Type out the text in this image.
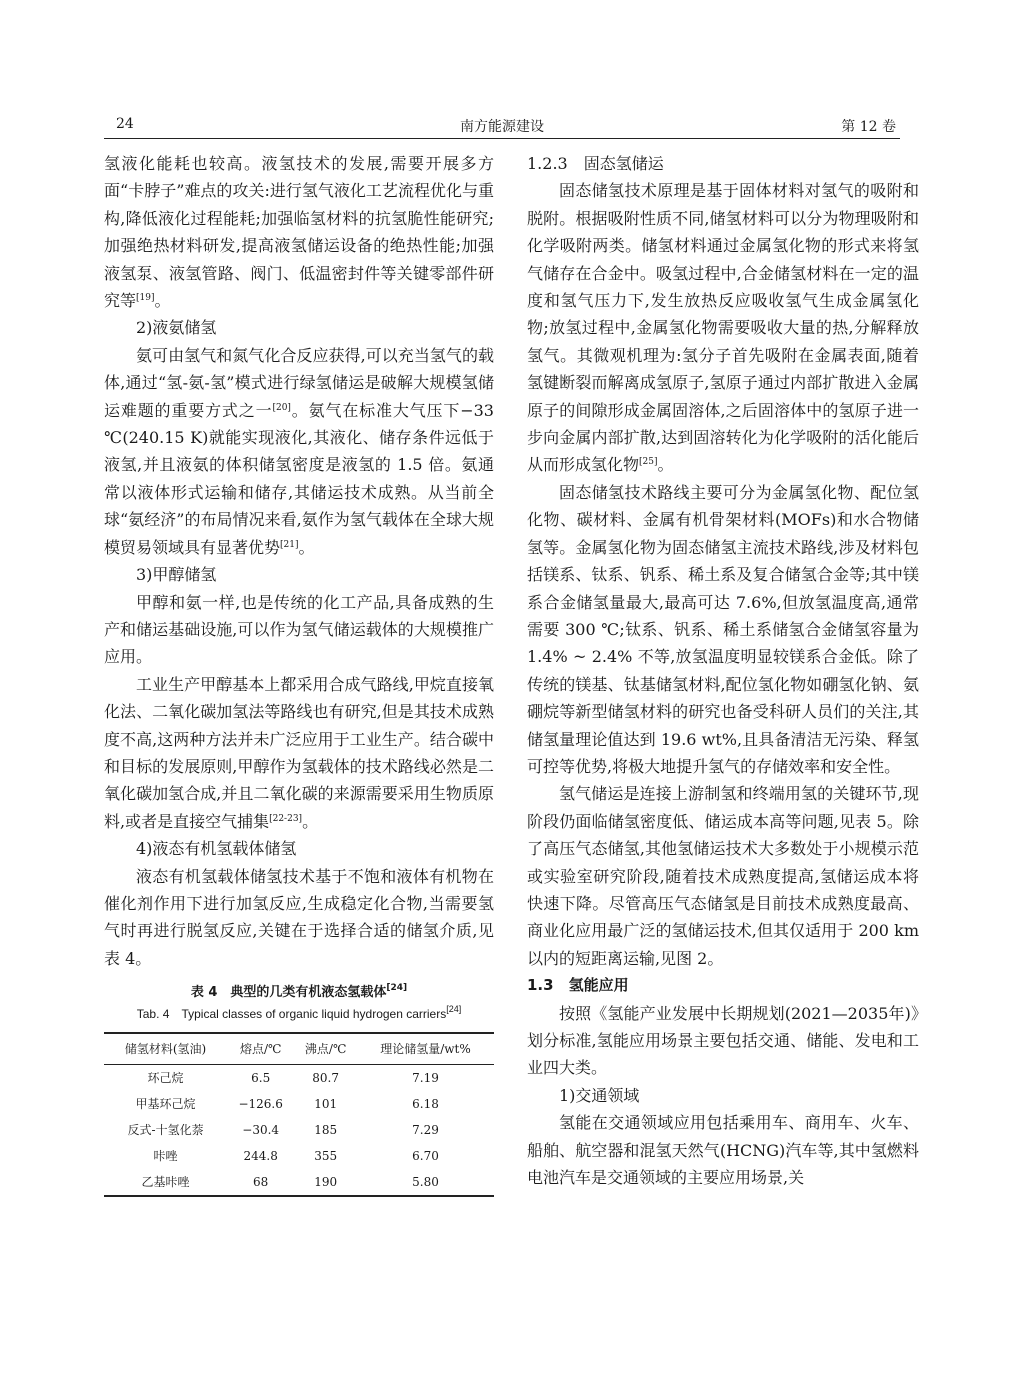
24	南方能源建设	第 12 卷

氢液化能耗也较高。液氢技术的发展,需要开展多方面“卡脖子”难点的攻关:进行氢气液化工艺流程优化与重构,降低液化过程能耗;加强临氢材料的抗氢脆性能研究;加强绝热材料研发,提高液氢储运设备的绝热性能;加强液氢泵、液氢管路、阀门、低温密封件等关键零部件研究等[19]。

2)液氨储氢

氨可由氢气和氮气化合反应获得,可以充当氢气的载体,通过“氢-氨-氢”模式进行绿氢储运是破解大规模氢储运难题的重要方式之一[20]。氨气在标准大气压下−33 ℃(240.15 K)就能实现液化,其液化、储存条件远低于液氢,并且液氨的体积储氢密度是液氢的 1.5 倍。氨通常以液体形式运输和储存,其储运技术成熟。从当前全球“氨经济”的布局情况来看,氨作为氢气载体在全球大规模贸易领域具有显著优势[21]。

3)甲醇储氢

甲醇和氨一样,也是传统的化工产品,具备成熟的生产和储运基础设施,可以作为氢气储运载体的大规模推广应用。

工业生产甲醇基本上都采用合成气路线,甲烷直接氧化法、二氧化碳加氢法等路线也有研究,但是其技术成熟度不高,这两种方法并未广泛应用于工业生产。结合碳中和目标的发展原则,甲醇作为氢载体的技术路线必然是二氧化碳加氢合成,并且二氧化碳的来源需要采用生物质原料,或者是直接空气捕集[22-23]。

4)液态有机氢载体储氢

液态有机氢载体储氢技术基于不饱和液体有机物在催化剂作用下进行加氢反应,生成稳定化合物,当需要氢气时再进行脱氢反应,关键在于选择合适的储氢介质,见表 4。

表 4　典型的几类有机液态氢载体[24]
Tab. 4　Typical classes of organic liquid hydrogen carriers[24]
储氢材料(氢油)	熔点/℃	沸点/℃	理论储氢量/wt%
环己烷	6.5	80.7	7.19
甲基环己烷	−126.6	101	6.18
反式-十氢化萘	−30.4	185	7.29
咔唑	244.8	355	6.70
乙基咔唑	68	190	5.80

1.2.3　固态氢储运

固态储氢技术原理是基于固体材料对氢气的吸附和脱附。根据吸附性质不同,储氢材料可以分为物理吸附和化学吸附两类。储氢材料通过金属氢化物的形式来将氢气储存在合金中。吸氢过程中,合金储氢材料在一定的温度和氢气压力下,发生放热反应吸收氢气生成金属氢化物;放氢过程中,金属氢化物需要吸收大量的热,分解释放氢气。其微观机理为:氢分子首先吸附在金属表面,随着氢键断裂而解离成氢原子,氢原子通过内部扩散进入金属原子的间隙形成金属固溶体,之后固溶体中的氢原子进一步向金属内部扩散,达到固溶转化为化学吸附的活化能后从而形成氢化物[25]。

固态储氢技术路线主要可分为金属氢化物、配位氢化物、碳材料、金属有机骨架材料(MOFs)和水合物储氢等。金属氢化物为固态储氢主流技术路线,涉及材料包括镁系、钛系、钒系、稀土系及复合储氢合金等;其中镁系合金储氢量最大,最高可达 7.6%,但放氢温度高,通常需要 300 ℃;钛系、钒系、稀土系储氢合金储氢容量为 1.4% ~ 2.4% 不等,放氢温度明显较镁系合金低。除了传统的镁基、钛基储氢材料,配位氢化物如硼氢化钠、氨硼烷等新型储氢材料的研究也备受科研人员们的关注,其储氢量理论值达到 19.6 wt%,且具备清洁无污染、释氢可控等优势,将极大地提升氢气的存储效率和安全性。

氢气储运是连接上游制氢和终端用氢的关键环节,现阶段仍面临储氢密度低、储运成本高等问题,见表 5。除了高压气态储氢,其他氢储运技术大多数处于小规模示范或实验室研究阶段,随着技术成熟度提高,氢储运成本将快速下降。尽管高压气态储氢是目前技术成熟度最高、商业化应用最广泛的氢储运技术,但其仅适用于 200 km 以内的短距离运输,见图 2。

1.3　氢能应用

按照《氢能产业发展中长期规划(2021—2035年)》划分标准,氢能应用场景主要包括交通、储能、发电和工业四大类。

1)交通领域

氢能在交通领域应用包括乘用车、商用车、火车、船舶、航空器和混氢天然气(HCNG)汽车等,其中氢燃料电池汽车是交通领域的主要应用场景,关
